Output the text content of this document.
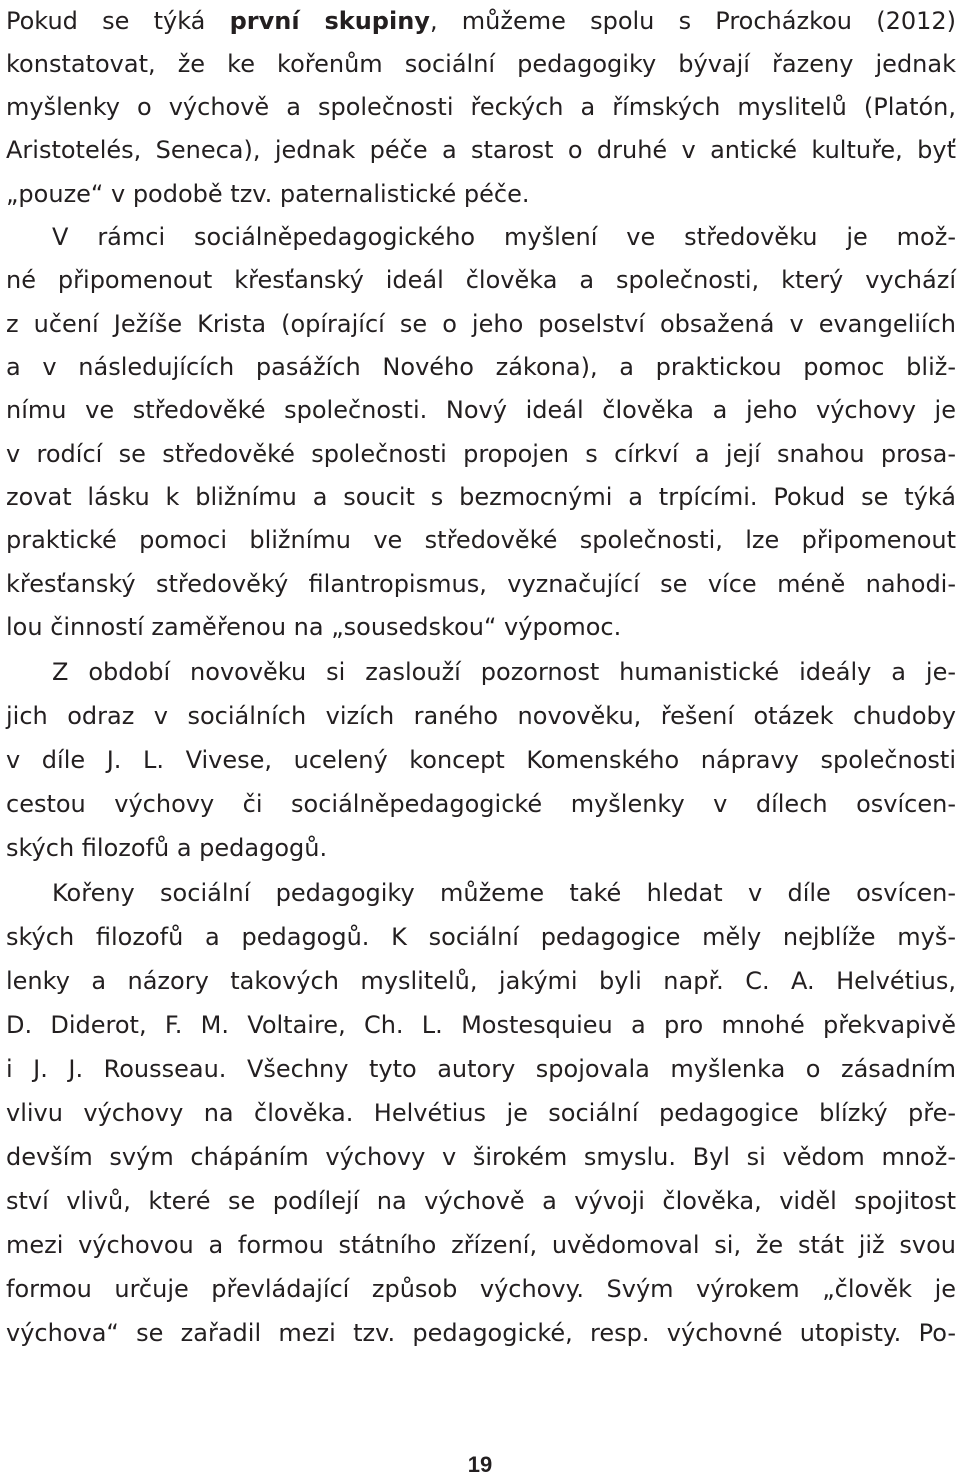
Pokud se týká první skupiny, můžeme spolu s Procházkou (2012)
konstatovat, že ke kořenům sociální pedagogiky bývají řazeny jednak
myšlenky o výchově a společnosti řeckých a římských myslitelů (Platón,
Aristotelés, Seneca), jednak péče a starost o druhé v antické kultuře, byť
„pouze“ v podobě tzv. paternalistické péče.
V rámci sociálněpedagogického myšlení ve středověku je mož-
né připomenout křesťanský ideál člověka a společnosti, který vychází
z učení Ježíše Krista (opírající se o jeho poselství obsažená v evangeliích
a v následujících pasážích Nového zákona), a praktickou pomoc bliž-
nímu ve středověké společnosti. Nový ideál člověka a jeho výchovy je
v rodící se středověké společnosti propojen s církví a její snahou prosa-
zovat lásku k bližnímu a soucit s bezmocnými a trpícími. Pokud se týká
praktické pomoci bližnímu ve středověké společnosti, lze připomenout
křesťanský středověký filantropismus, vyznačující se více méně nahodi-
lou činností zaměřenou na „sousedskou“ výpomoc.
Z období novověku si zaslouží pozornost humanistické ideály a je-
jich odraz v sociálních vizích raného novověku, řešení otázek chudoby
v díle J. L. Vivese, ucelený koncept Komenského nápravy společnosti
cestou výchovy či sociálněpedagogické myšlenky v dílech osvícen-
ských filozofů a pedagogů.
Kořeny sociální pedagogiky můžeme také hledat v díle osvícen-
ských filozofů a pedagogů. K sociální pedagogice měly nejblíže myš-
lenky a názory takových myslitelů, jakými byli např. C. A. Helvétius,
D. Diderot, F. M. Voltaire, Ch. L. Mostesquieu a pro mnohé překvapivě
i J. J. Rousseau. Všechny tyto autory spojovala myšlenka o zásadním
vlivu výchovy na člověka. Helvétius je sociální pedagogice blízký pře-
devším svým chápáním výchovy v širokém smyslu. Byl si vědom množ-
ství vlivů, které se podílejí na výchově a vývoji člověka, viděl spojitost
mezi výchovou a formou státního zřízení, uvědomoval si, že stát již svou
formou určuje převládající způsob výchovy. Svým výrokem „člověk je
výchova“ se zařadil mezi tzv. pedagogické, resp. výchovné utopisty. Po-
19
